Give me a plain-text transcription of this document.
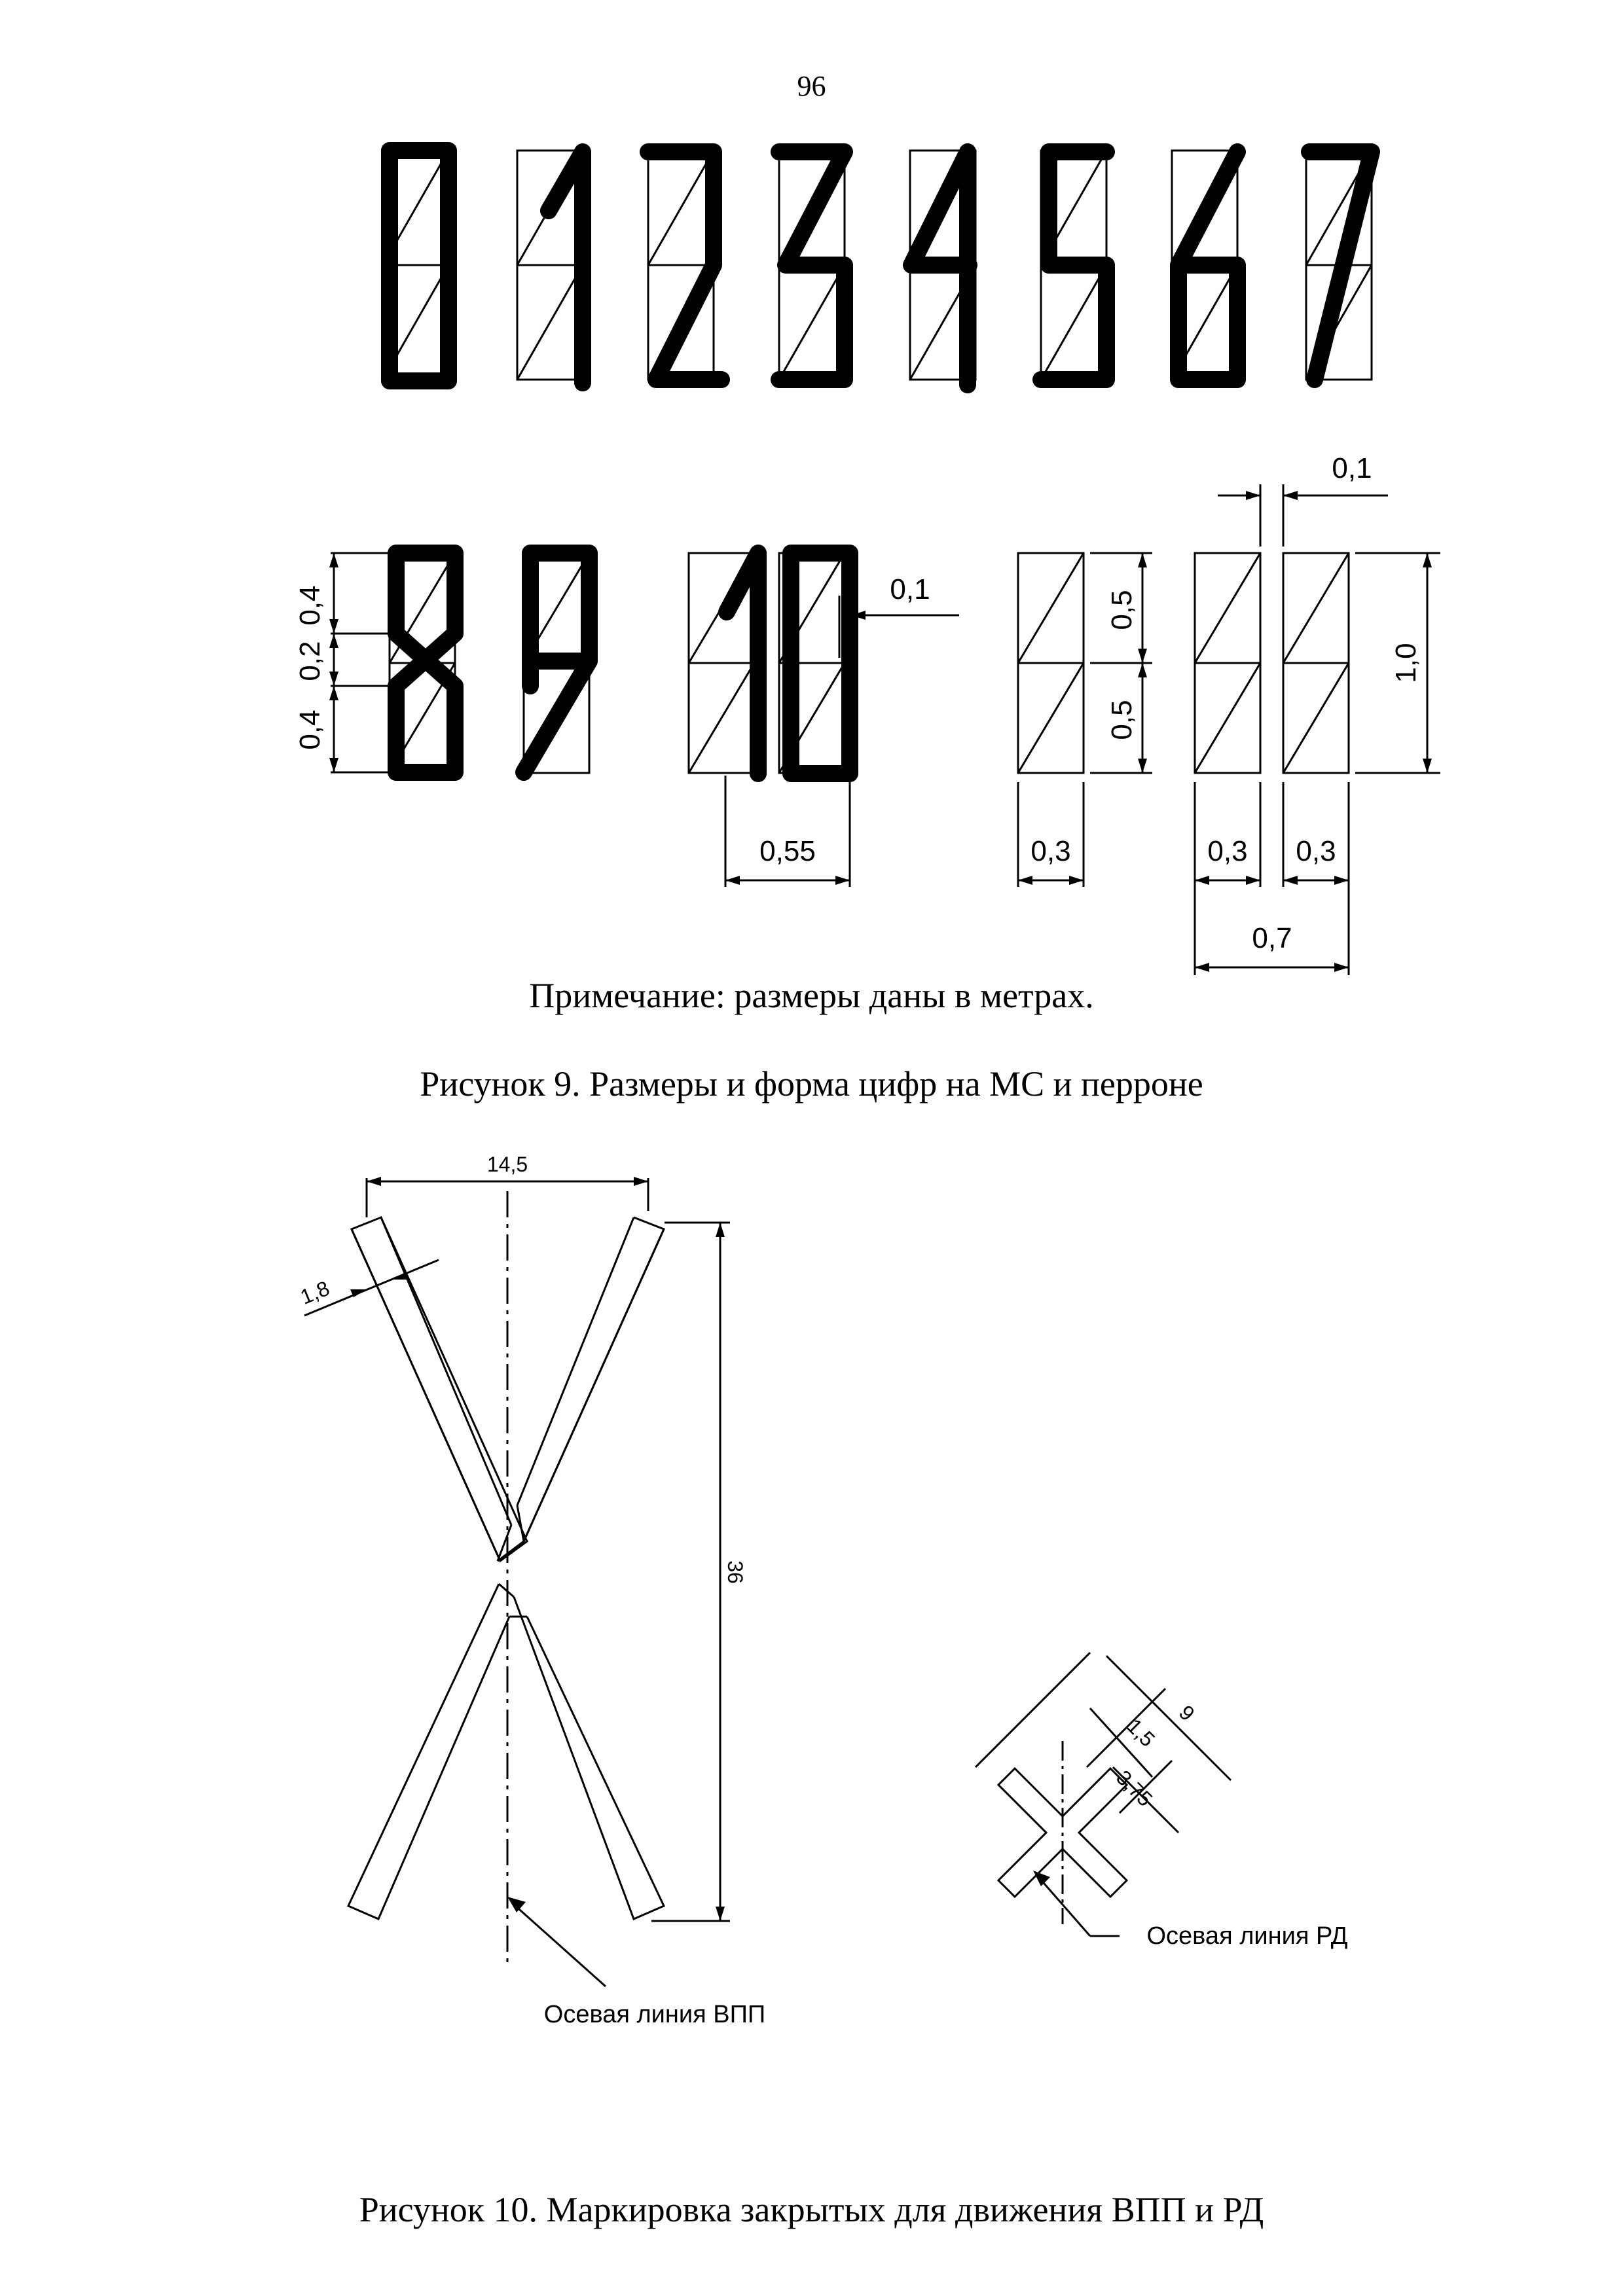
96
0,4
0,2
0,4
0,1
0,55	0,3
0,5
0,5
0,1
1,0
0,3 0,3
0,7
Примечание: размеры даны в метрах.
Рисунок 9. Размеры и форма цифр на МС и перроне
14,5
1,8
36
Осевая линия ВПП
9
1,5
3,75
Осевая линия РД
Рисунок 10. Маркировка закрытых для движения ВПП и РД
